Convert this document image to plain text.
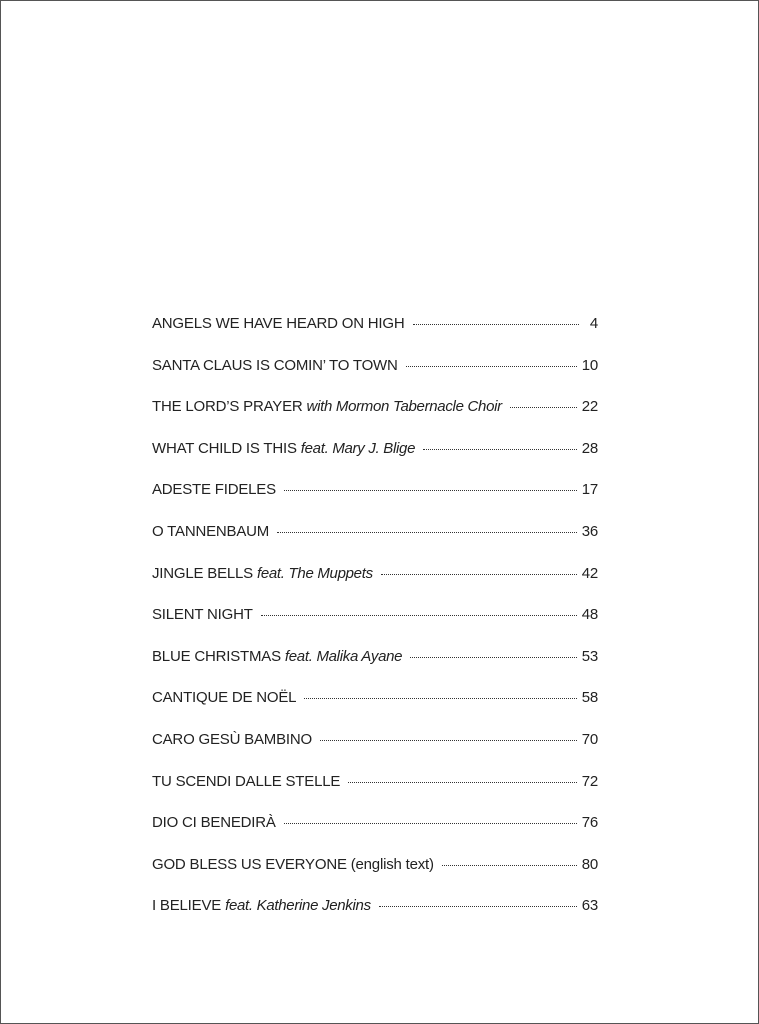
ANGELS WE HAVE HEARD ON HIGH	4
SANTA CLAUS IS COMIN’ TO TOWN	10
THE LORD’S PRAYER with Mormon Tabernacle Choir	22
WHAT CHILD IS THIS feat. Mary J. Blige	28
ADESTE FIDELES	17
O TANNENBAUM	36
JINGLE BELLS feat. The Muppets	42
SILENT NIGHT	48
BLUE CHRISTMAS feat. Malika Ayane	53
CANTIQUE DE NOËL	58
CARO GESÙ BAMBINO	70
TU SCENDI DALLE STELLE	72
DIO CI BENEDIRÀ	76
GOD BLESS US EVERYONE (english text)	80
I BELIEVE feat. Katherine Jenkins	63
